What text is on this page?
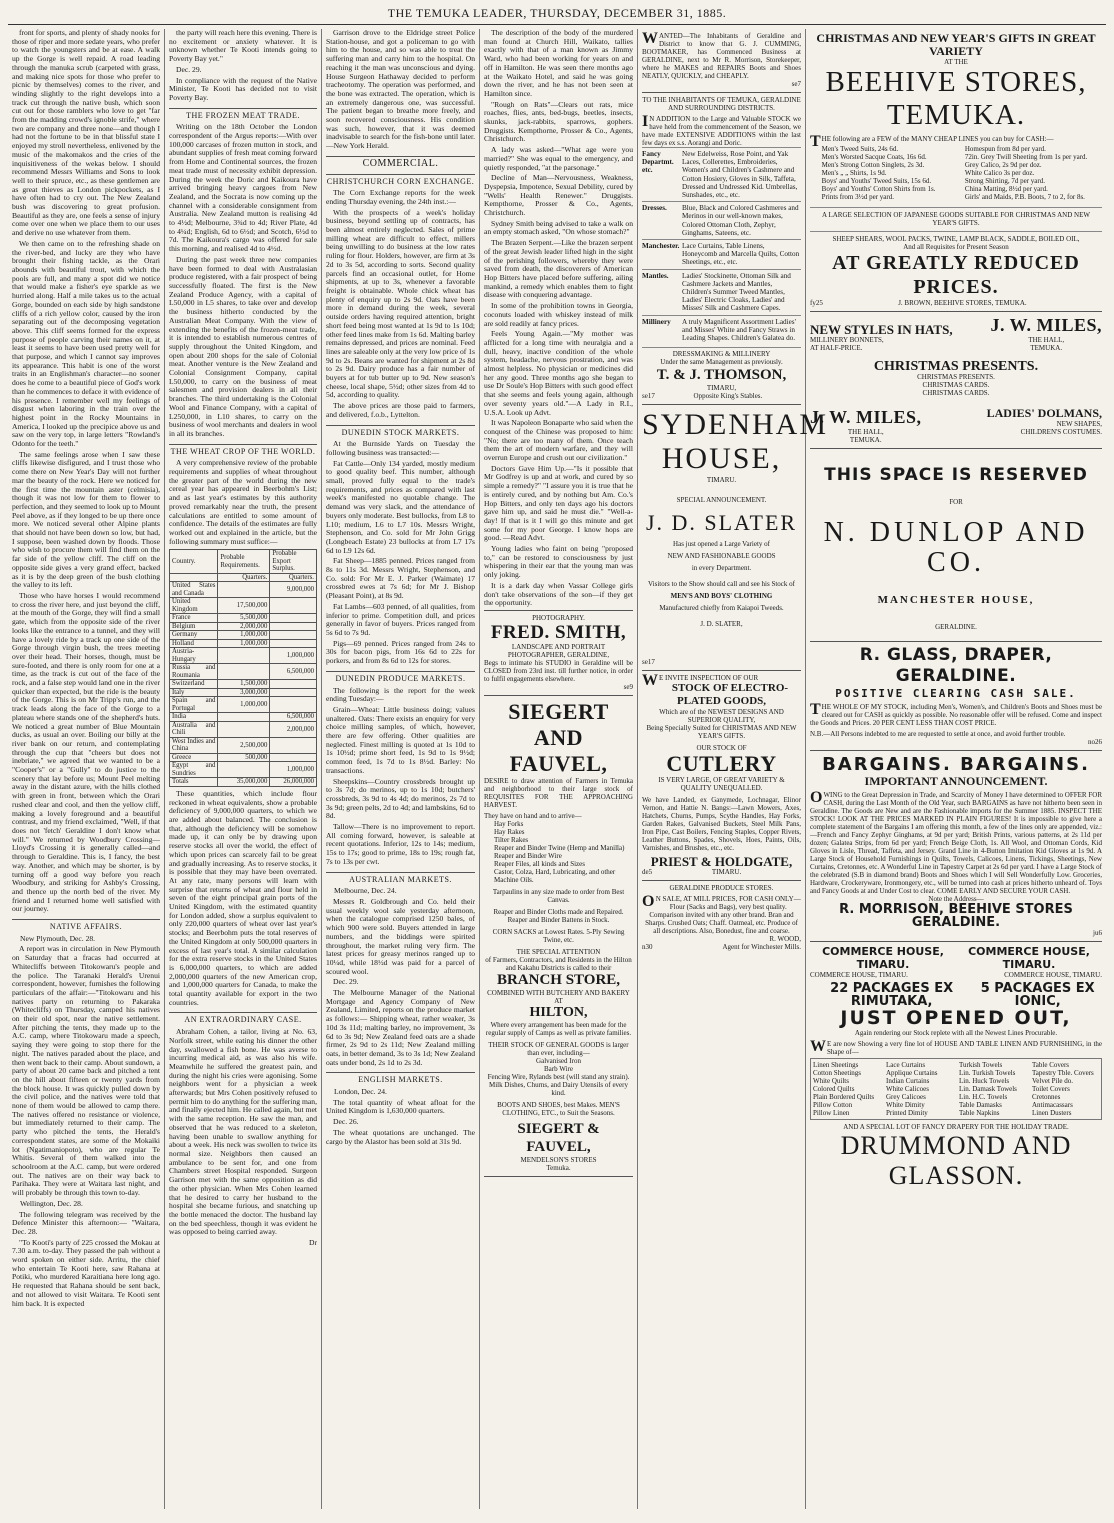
THE TEMUKA LEADER, THURSDAY, DECEMBER 31, 1885.

front for sports, and plenty of shady nooks for those of riper and more sedate years, who prefer to watch the youngsters and be at ease. A walk up the Gorge is well repaid. A road leading through the manuka scrub (carpeted with grass, and making nice spots for those who prefer to picnic by themselves) comes to the river, and winding slightly to the right develops into a track cut through the native bush, which soon cut out for those ramblers who love to get "far from the madding crowd's ignoble strife," where two are company and three none—and though I had not the fortune to be in that blissful state I enjoyed my stroll nevertheless, enlivened by the music of the makomakos and the cries of the inquisitiveness of the wekas below. I should recommend Messrs Williams and Sons to look well to their spruce, etc., as these gentlemen are as great thieves as London pickpockets, as I have often had to cry out. The New Zealand bush was discovering to great profusion. Beautiful as they are, one feels a sense of injury come over one when we place them to our uses and derive no use whatever from them.

We then came on to the refreshing shade on the river-bed, and lucky are they who have brought their fishing tackle, as the Orari abounds with beautiful trout, with which the pools are full, and many a spot did we notice that would make a fisher's eye sparkle as we hurried along. Half a mile takes us to the actual Gorge, bounded on each side by high sandstone cliffs of a rich yellow color, caused by the iron separating out of the decomposing vegetation above. This cliff seems formed for the express purpose of people carving their names on it, at least it seems to have been used pretty well for that purpose, and which I cannot say improves its appearance. This habit is one of the worst traits in an Englishman's character—no sooner does he come to a beautiful piece of God's work than he commences to deface it with evidence of his presence. I remember well my feelings of disgust when laboring in the train over the highest point in the Rocky Mountains in America, I looked up the precipice above us and saw on the very top, in large letters "Rowland's Odonto for the teeth."

The same feelings arose when I saw these cliffs likewise disfigured, and I trust those who come there on New Year's Day will not further mar the beauty of the rock. Here we noticed for the first time the mountain aster (celmisia), though it was not low for them to flower to perfection, and they seemed to look up to Mount Peel above, as if they longed to be up there once more. We noticed several other Alpine plants that should not have been down so low, but had, I suppose, been washed down by floods. Those who wish to procure them will find them on the far side of the yellow cliff. The cliff on the opposite side gives a very grand effect, backed as it is by the deep green of the bush clothing the valley to its left.

Those who have horses I would recommend to cross the river here, and just beyond the cliff, at the mouth of the Gorge, they will find a small gate, which from the opposite side of the river looks like the entrance to a tunnel, and they will have a lovely ride by a track up one side of the Gorge through virgin bush, the trees meeting over their head. Their horses, though, must be sure-footed, and there is only room for one at a time, as the track is cut out of the face of the rock, and a false step would land one in the river quicker than expected, but the ride is the beauty of the Gorge. This is on Mr Tripp's run, and the track leads along the face of the Gorge to a plateau where stands one of the shepherd's huts. We noticed a great number of Blue Mountain ducks, as usual an over. Boiling our billy at the river bank on our return, and contemplating through the cup that "cheers but does not inebriate," we agreed that we wanted to be a "Cooper's" or a "Gully" to do justice to the scenery that lay before us; Mount Peel melting away in the distant azure, with the hills clothed with green in front, between which the Orari rushed clear and cool, and then the yellow cliff, making a lovely foreground and a beautiful contrast, and my friend exclaimed, "Well, if that does not 'fetch' Geraldine I don't know what will." We returned by Woodbury Crossing—Lloyd's Crossing it is generally called—and through to Geraldine. This is, I fancy, the best way. Another, and which may be shorter, is by turning off a good way before you reach Woodbury, and striking for Ashby's Crossing, and thence up the north bed of the river. My friend and I returned home well satisfied with our journey.

NATIVE AFFAIRS.

New Plymouth, Dec. 28.

A report was in circulation in New Plymouth on Saturday that a fracas had occurred at Whitecliffs between Titokowaru's people and the police. The Taranaki Herald's Urenui correspondent, however, furnishes the following particulars of the affair:—"Titokowaru and his natives party on returning to Pakaraka (Whitecliffs) on Thursday, camped his natives on their old spot, near the native settlement. After pitching the tents, they made up to the A.C. camp, where Titokowaru made a speech, saying they were going to stop there for the night. The natives paraded about the place, and then went back to their camp. About sundown, a party of about 20 came back and pitched a tent on the hill about fifteen or twenty yards from the block house. It was quickly pulled down by the civil police, and the natives were told that none of them would be allowed to camp there. The natives offered no resistance or violence, but immediately returned to their camp. The party who pitched the tents, the Herald's correspondent states, are some of the Mokaiki lot (Ngatimaniopoto), who are regular Te Whitis. Several of them walked into the schoolroom at the A.C. camp, but were ordered out. The natives are on their way back to Parihaka. They were at Waitara last night, and will probably be through this town to-day.

Wellington, Dec. 28.

The following telegram was received by the Defence Minister this afternoon:— "Waitara, Dec. 28.

"To Kooti's party of 225 crossed the Mokau at 7.30 a.m. to-day. They passed the pah without a word spoken on either side. Arritu, the chief who entertain Te Kooti here, saw Rahana at Potiki, who murdered Karaitiana here long ago. He requested that Rahana should be sent back, and not allowed to visit Waitara. Te Kooti sent him back. It is expected

the party will reach here this evening. There is no excitement or anxiety whatever. It is unknown whether Te Kooti intends going to Poverty Bay yet."

Dec. 29.

In compliance with the request of the Native Minister, Te Kooti has decided not to visit Poverty Bay.

THE FROZEN MEAT TRADE.

Writing on the 18th October the London correspondent of the Argus reports:—With over 100,000 carcases of frozen mutton in stock, and abundant supplies of fresh meat coming forward from Home and Continental sources, the frozen meat trade must of necessity exhibit depression. During the week the Doric and Kaikoura have arrived bringing heavy cargoes from New Zealand, and the Socrata is now coming up the channel with a considerable consignment from Australia. New Zealand mutton is realising 4d to 4½d; Melbourne, 3¾d to 4d; River Plate, 4d to 4¼d; English, 6d to 6½d; and Scotch, 6½d to 7d. The Kaikoura's cargo was offered for sale this morning, and realised 4d to 4½d.

During the past week three new companies have been formed to deal with Australasian produce registered, with a fair prospect of being successfully floated. The first is the New Zealand Produce Agency, with a capital of L50,000 in L5 shares, to take over and develop the business hitherto conducted by the Australian Meat Company. With the view of extending the benefits of the frozen-meat trade, it is intended to establish numerous centres of supply throughout the United Kingdom, and open about 200 shops for the sale of Colonial meat. Another venture is the New Zealand and Colonial Consignment Company, capital L50,000, to carry on the business of meat salesmen and provision dealers in all their branches. The third undertaking is the Colonial Wool and Finance Company, with a capital of L250,000, in L10 shares, to carry on the business of wool merchants and dealers in wool in all its branches.

THE WHEAT CROP OF THE WORLD.

A very comprehensive review of the probable requirements and supplies of wheat throughout the greater part of the world during the new cereal year has appeared in Beerbohm's List; and as last year's estimates by this authority proved remarkably near the truth, the present calculations are entitled to some amount of confidence. The details of the estimates are fully worked out and explained in the article, but the following summary must suffice:—

Country.	Probable Requirements.	Probable Export Surplus.
	Quarters.	Quarters.
United States and Canada		9,000,000
United Kingdom	17,500,000	
France	5,500,000	
Belgium	2,000,000	
Germany	1,000,000	
Holland	1,000,000	
Austria-Hungary		1,000,000
Russia and Roumania		6,500,000
Switzerland	1,500,000	
Italy	3,000,000	
Spain and Portugal	1,000,000	
India		6,500,000
Australia and Chili		2,000,000
West Indies and China	2,500,000	
Greece	500,000	
Egypt and Sundries		1,000,000
Totals	35,000,000	26,000,000

These quantities, which include flour reckoned in wheat equivalents, show a probable deficiency of 9,000,000 quarters, to which we are added about balanced. The conclusion is that, although the deficiency will be somehow made up, it can only be by drawing upon reserve stocks all over the world, the effect of which upon prices can scarcely fail to be great and gradually increasing. As to reserve stocks, it is possible that they may have been overrated. At any rate, many persons will learn with surprise that returns of wheat and flour held in seven of the eight principal grain ports of the United Kingdom, with the estimated quantity for London added, show a surplus equivalent to only 220,000 quarters of wheat over last year's stocks; and Beerbohm puts the total reserves of the United Kingdom at only 500,000 quarters in excess of last year's total. A similar calculation for the extra reserve stocks in the United States is 6,000,000 quarters, to which are added 2,000,000 quarters of the new American crop, and 1,000,000 quarters for Canada, to make the total quantity available for export in the two countries.

AN EXTRAORDINARY CASE.

Abraham Cohen, a tailor, living at No. 63, Norfolk street, while eating his dinner the other day, swallowed a fish bone. He was averse to incurring medical aid, as was also his wife. Meanwhile he suffered the greatest pain, and during the night his cries were agonising. Some neighbors went for a physician a week afterwards; but Mrs Cohen positively refused to permit him to do anything for the suffering man, and finally ejected him. He called again, but met with the same reception. He saw the man, and observed that he was reduced to a skeleton, having been unable to swallow anything for about a week. His neck was swollen to twice its normal size. Neighbors then caused an ambulance to be sent for, and one from Chambers street Hospital responded. Surgeon Garrison met with the same opposition as did the other physician. When Mrs Cohen learned that he desired to carry her husband to the hospital she became furious, and snatching up the bottle menaced the doctor. The husband lay on the bed speechless, though it was evident he was opposed to being carried away.

Dr

Garrison drove to the Eldridge street Police Station-house, and got a policeman to go with him to the house, and so was able to treat the suffering man and carry him to the hospital. On reaching it the man was unconscious and dying. House Surgeon Hathaway decided to perform tracheotomy. The operation was performed, and the bone was extracted. The operation, which is an extremely dangerous one, was successful. The patient began to breathe more freely, and soon recovered consciousness. His condition was such, however, that it was deemed inadvisable to search for the fish-bone until later.—New York Herald.

COMMERCIAL.
CHRISTCHURCH CORN EXCHANGE.

The Corn Exchange reports for the week ending Thursday evening, the 24th inst.:—

With the prospects of a week's holiday business, beyond settling up of contracts, has been almost entirely neglected. Sales of prime milling wheat are difficult to effect, millers being unwilling to do business at the low rates ruling for flour. Holders, however, are firm at 3s 2d to 3s 5d, according to sorts. Second quality parcels find an occasional outlet, for Home shipments, at up to 3s, whenever a favorable freight is obtainable. Whole chick wheat has plenty of enquiry up to 2s 9d. Oats have been more in demand during the week, several outside orders having required attention, bright short feed being most wanted at 1s 9d to 1s 10d; other feed lines make from 1s 6d. Malting barley remains depressed, and prices are nominal. Feed lines are saleable only at the very low price of 1s 9d to 2s. Beans are wanted for shipment at 2s 8d to 2s 9d. Dairy produce has a fair number of buyers at for tub butter up to 9d. New season's cheese, local shape, 5½d; other sizes from 4d to 5d, according to quality.

The above prices are those paid to farmers, and delivered, f.o.b., Lyttelton.

DUNEDIN STOCK MARKETS.

At the Burnside Yards on Tuesday the following business was transacted:—

Fat Cattle—Only 134 yarded, mostly medium to good quality beef. This number, although small, proved fully equal to the trade's requirements, and prices as compared with last week's manifested no quotable change. The demand was very slack, and the attendance of buyers only moderate. Best bullocks, from L8 to L10; medium, L6 to L7 10s. Messrs Wright, Stephenson, and Co. sold for Mr John Grigg (Longbeach Estate) 23 bullocks at from L7 17s 6d to L9 12s 6d.

Fat Sheep—1885 penned. Prices ranged from 8s to 11s 3d. Messrs Wright, Stephenson, and Co. sold: For Mr E. J. Parker (Waimate) 17 crossbred ewes at 7s 6d; for Mr J. Bishop (Pleasant Point), at 8s 9d.

Fat Lambs—603 penned, of all qualities, from inferior to prime. Competition dull, and prices generally in favor of buyers. Prices ranged from 5s 6d to 7s 9d.

Pigs—69 penned. Prices ranged from 24s to 30s for bacon pigs, from 16s 6d to 22s for porkers, and from 8s 6d to 12s for stores.

DUNEDIN PRODUCE MARKETS.

The following is the report for the week ending Tuesday:—

Grain—Wheat: Little business doing; values unaltered. Oats: There exists an enquiry for very choice milling samples, of which, however, there are few offering. Other qualities are neglected. Finest milling is quoted at 1s 10d to 1s 10½d; prime short feed, 1s 9d to 1s 9½d; common feed, 1s 7d to 1s 8½d. Barley: No transactions.

Sheepskins—Country crossbreds brought up to 3s 7d; do merinos, up to 1s 10d; butchers' crossbreds, 3s 9d to 4s 4d; do merinos, 2s 7d to 3s 9d; green pelts, 2d to 4d; and lambskins, 6d to 8d.

Tallow—There is no improvement to report. All coming forward, however, is saleable at recent quotations. Inferior, 12s to 14s; medium, 15s to 17s; good to prime, 18s to 19s; rough fat, 7s to 13s per cwt.

AUSTRALIAN MARKETS.

Melbourne, Dec. 24.

Messrs R. Goldbrough and Co. held their usual weekly wool sale yesterday afternoon, when the catalogue comprised 1250 bales, of which 900 were sold. Buyers attended in large numbers, and the biddings were spirited throughout, the market ruling very firm. The latest prices for greasy merinos ranged up to 10¼d, while 18½d was paid for a parcel of scoured wool.

Dec. 29.

The Melbourne Manager of the National Mortgage and Agency Company of New Zealand, Limited, reports on the produce market as follows:— Shipping wheat, rather weaker, 3s 10d 3s 11d; malting barley, no improvement, 3s 6d to 3s 9d; New Zealand feed oats are a shade firmer, 2s 9d to 2s 11d; New Zealand milling oats, in better demand, 3s to 3s 1d; New Zealand oats under bond, 2s 1d to 2s 3d.

ENGLISH MARKETS.

London, Dec. 24.

The total quantity of wheat afloat for the United Kingdom is 1,630,000 quarters.

Dec. 26.

The wheat quotations are unchanged. The cargo by the Alastor has been sold at 31s 9d.

The description of the body of the murdered man found at Church Hill, Waikato, tallies exactly with that of a man known as Jimmy Ward, who had been working for years on and off in Hamilton. He was seen there months ago at the Waikato Hotel, and said he was going down the river, and he has not been seen at Hamilton since.

"Rough on Rats"—Clears out rats, mice roaches, flies, ants, bed-bugs, beetles, insects, skunks, jack-rabbits, sparrows, gophers. Druggists. Kempthorne, Prosser & Co., Agents, Christchurch.

A lady was asked—"What age were you married?" She was equal to the emergency, and quietly responded, "at the parsonage."

Decline of Man—Nervousness, Weakness, Dyspepsia, Impotence, Sexual Debility, cured by "Wells' Health Renewer." Druggists. Kempthorne, Prosser & Co., Agents, Christchurch.

Sydney Smith being advised to take a walk on an empty stomach asked, "On whose stomach?"

The Brazen Serpent.—Like the brazen serpent of the great Jewish leader lifted high in the sight of the perishing followers, whereby they were saved from death, the discoverers of American Hop Bitters have placed before suffering, ailing mankind, a remedy which enables them to fight disease with conquering advantage.

In some of the prohibition towns in Georgia, coconuts loaded with whiskey instead of milk are sold readily at fancy prices.

Feels Young Again.—"My mother was afflicted for a long time with neuralgia and a dull, heavy, inactive condition of the whole system, headache, nervous prostration, and was almost helpless. No physician or medicines did her any good. Three months ago she began to use Dr Soule's Hop Bitters with such good effect that she seems and feels young again, although over seventy years old."—A Lady in R.I., U.S.A. Look up Advt.

It was Napoleon Bonaparte who said when the conquest of the Chinese was proposed to him: "No; there are too many of them. Once teach them the art of modern warfare, and they will overrun Europe and crush out our civilization."

Doctors Gave Him Up.—"Is it possible that Mr Godfrey is up and at work, and cured by so simple a remedy?" "I assure you it is true that he is entirely cured, and by nothing but Am. Co.'s Hop Bitters, and only ten days ago his doctors gave him up, and said he must die." "Well-a-day! If that is it I will go this minute and get some for my poor George. I know hops are good. —Read Advt.

Young ladies who faint on being "proposed to," can be restored to consciousness by just whispering in their ear that the young man was only joking.

It is a dark day when Vassar College girls don't take observations of the son—if they get the opportunity.

PHOTOGRAPHY.
FRED. SMITH,
LANDSCAPE AND PORTRAIT PHOTOGRAPHER, GERALDINE,
Begs to intimate his STUDIO in Geraldine will be CLOSED from 23rd inst. till further notice, in order to fulfil engagements elsewhere.
se9
SIEGERT AND FAUVEL,
DESIRE to draw attention of Farmers in Temuka and neighborhood to their large stock of REQUISITES FOR THE APPROACHING HARVEST.
They have on hand and to arrive—
Hay Forks
Hay Rakes
Tilter Rakes
Reaper and Binder Twine (Hemp and Manilla)
Reaper and Binder Wire
Reaper Files, all kinds and Sizes
Castor, Colza, Hard, Lubricating, and other Machine Oils.
Tarpaulins in any size made to order from Best Canvas.
Reaper and Binder Cloths made and Repaired.
Reaper and Binder Battens in Stock.
CORN SACKS at Lowest Rates. 5-Ply Sewing Twine, etc.
THE SPECIAL ATTENTION
of Farmers, Contractors, and Residents in the Hilton and Kakahu Districts is called to their
BRANCH STORE,
COMBINED WITH BUTCHERY AND BAKERY AT
HILTON,
Where every arrangement has been made for the regular supply of Camps as well as private families.
THEIR STOCK OF GENERAL GOODS is larger than ever, including—
Galvanised Iron
Barb Wire
Fencing Wire, Rylands best (will stand any strain).
Milk Dishes, Churns, and Dairy Utensils of every kind.
BOOTS AND SHOES, best Makes. MEN'S CLOTHING, ETC., to Suit the Seasons.
SIEGERT & FAUVEL,
MENDELSON'S STORES
Temuka.
WANTED—The Inhabitants of Geraldine and District to know that G. J. CUMMING, BOOTMAKER, has Commenced Business at GERALDINE, next to Mr R. Morrison, Storekeeper, where he MAKES and REPAIRS Boots and Shoes NEATLY, QUICKLY, and CHEAPLY.
se7
TO THE INHABITANTS OF TEMUKA, GERALDINE AND SURROUNDING DISTRICTS.
IN ADDITION to the Large and Valuable STOCK we have held from the commencement of the Season, we have made EXTENSIVE ADDITIONS within the last few days ex s.s. Aorangi and Doric.
Fancy Departmt. etc.
New Edelweiss, Rose Point, and Yak Laces, Collerettes, Embroideries, Women's and Children's Cashmere and Cotton Hosiery, Gloves in Silk, Taffeta, Dressed and Undressed Kid. Umbrellas, Sunshades, etc., etc.
Dresses.	Blue, Black and Colored Cashmeres and Merinos in our well-known makes, Colored Ottoman Cloth, Zephyr, Ginghams, Sateens, etc.
Manchester. Lace Curtains, Table Linens, Honeycomb and Marcella Quilts, Cotton Sheetings, etc., etc.
Mantles.	Ladies' Stockinette, Ottoman Silk and Cashmere Jackets and Mantles, Children's Summer Tweed Mantles, Ladies' Electric Cloaks, Ladies' and Misses' Silk and Cashmere Capes.
Millinery	A truly Magnificent Assortment Ladies' and Misses' White and Fancy Straws in Leading Shapes. Children's Galatea do.
DRESSMAKING & MILLINERY
Under the same Management as previously.
T. & J. THOMSON,
TIMARU,
se17	Opposite King's Stables.
SYDENHAM
HOUSE,
TIMARU.
SPECIAL ANNOUNCEMENT.
J. D. SLATER
Has just opened a Large Variety of
NEW AND FASHIONABLE GOODS
in every Department.
Visitors to the Show should call and see his Stock of
MEN'S AND BOYS' CLOTHING
Manufactured chiefly from Kaiapoi Tweeds.
J. D. SLATER,
se17
WE INVITE INSPECTION OF OUR
STOCK OF ELECTRO-PLATED GOODS,
Which are of the NEWEST DESIGNS AND SUPERIOR QUALITY,
Being Specially Suited for CHRISTMAS AND NEW YEAR'S GIFTS.
OUR STOCK OF
CUTLERY
IS VERY LARGE, OF GREAT VARIETY & QUALITY UNEQUALLED.
We have Landed, ex Ganymede, Lochnagar, Elinor Vernon, and Hattie N. Bangs:—Lawn Mowers, Axes, Hatchets, Churns, Pumps, Scythe Handles, Hay Forks, Garden Rakes, Galvanised Buckets, Steel Milk Pans, Iron Pipe, Cast Boilers, Fencing Staples, Copper Rivets, Leather Buttons, Spades, Shovels, Hoes, Paints, Oils, Varnishes, and Brushes, etc., etc.
PRIEST & HOLDGATE,
de5	TIMARU.
GERALDINE PRODUCE STORES.
ON SALE, AT MILL PRICES, FOR CASH ONLY—
Flour (Sacks and Bags), very best quality. Comparison invited with any other brand. Bran and Sharps. Crushed Oats; Chaff. Oatmeal, etc. Produce of all descriptions. Also, Bonedust, fine and coarse.
R. WOOD,
n30	Agent for Winchester Mills.
CHRISTMAS AND NEW YEAR'S GIFTS IN GREAT VARIETY
AT THE
BEEHIVE STORES, TEMUKA.
THE following are a FEW of the MANY CHEAP LINES you can buy for CASH:—
Men's Tweed Suits, 24s 6d.
Men's Worsted Sacque Coats, 16s 6d.
Men's Strong Cotton Singlets, 2s 3d.
Men's „ „ Shirts, 1s 9d.
Boys' and Youths' Tweed Suits, 15s 6d.
Boys' and Youths' Cotton Shirts from 1s.
Prints from 3½d per yard.
Homespun from 8d per yard.
72in. Grey Twill Sheeting from 1s per yard.
Grey Calico, 2s 9d per doz.
White Calico 3s per doz.
Strong Shirting, 7d per yard.
China Matting, 8½d per yard.
Girls' and Maids, P.B. Boots, 7 to 2, for 8s.
A LARGE SELECTION OF JAPANESE GOODS SUITABLE FOR CHRISTMAS AND NEW YEAR'S GIFTS.
SHEEP SHEARS, WOOL PACKS, TWINE, LAMP BLACK, SADDLE, BOILED OIL,
And all Requisites for Present Season
AT GREATLY REDUCED PRICES.
fy25	J. BROWN, BEEHIVE STORES, TEMUKA.
NEW STYLES IN HATS,
MILLINERY BONNETS,
AT HALF-PRICE.
J. W. MILES,
THE HALL,
TEMUKA.
CHRISTMAS PRESENTS.
CHRISTMAS PRESENTS.
CHRISTMAS CARDS.
CHRISTMAS CARDS.
J. W. MILES,
THE HALL,
TEMUKA.
LADIES' DOLMANS,
NEW SHAPES,
CHILDREN'S COSTUMES.
THIS SPACE IS RESERVED
FOR
N. DUNLOP AND CO.
MANCHESTER HOUSE,
GERALDINE.
R. GLASS, DRAPER, GERALDINE.
POSITIVE CLEARING CASH SALE.
THE WHOLE OF MY STOCK, including Men's, Women's, and Children's Boots and Shoes must be cleared out for CASH as quickly as possible. No reasonable offer will be refused. Come and inspect the Goods and Prices. 20 PER CENT LESS THAN COST PRICE.
N.B.—All Persons indebted to me are requested to settle at once, and avoid further trouble.
no26
BARGAINS. BARGAINS.
IMPORTANT ANNOUNCEMENT.
OWING to the Great Depression in Trade, and Scarcity of Money I have determined to OFFER FOR CASH, during the Last Month of the Old Year, such BARGAINS as have not hitherto been seen in Geraldine. The Goods are New and are the Fashionable imports for the Summer 1885. INSPECT THE STOCK! LOOK AT THE PRICES MARKED IN PLAIN FIGURES! It is impossible to give here a complete statement of the Bargains I am offering this month, a few of the lines only are appended, viz.:—French and Fancy Zephyr Ginghams, at 9d per yard; British Prints, various patterns, at 2s 11d per dozen; Galatea Strips, from 6d per yard; French Beige Cloth, 1s. All Wool, and Ottoman Cords, Kid Gloves in Lisle, Thread, Taffeta, and Jersey. Grand Line in 4-Button Imitation Kid Gloves at 1s 9d. A Large Stock of Household Furnishings in Quilts, Towels, Calicoes, Linens, Tickings, Sheetings, New Curtains, Cretonnes, etc. A Wonderful Line in Tapestry Carpet at 2s 6d per yard. I have a Large Stock of the celebrated (S.B in diamond brand) Boots and Shoes which I will Sell Wonderfully Low. Groceries, Hardware, Crockeryware, Ironmongery, etc., will be turned into cash at prices hitherto unheard of. Toys and Fancy Goods at and Under Cost to clear. COME EARLY AND SECURE YOUR CASH.
Note the Address—
R. MORRISON, BEEHIVE STORES GERALDINE.
ju6
COMMERCE HOUSE, TIMARU.
COMMERCE HOUSE, TIMARU.
COMMERCE HOUSE, TIMARU.	COMMERCE HOUSE, TIMARU.
22 PACKAGES EX RIMUTAKA,
5 PACKAGES EX IONIC,
JUST OPENED OUT,
Again rendering our Stock replete with all the Newest Lines Procurable.
WE are now Showing a very fine lot of HOUSE AND TABLE LINEN AND FURNISHING, in the Shape of—
Linen Sheetings
Cotton Sheetings
White Quilts
Colored Quilts
Plain Bordered Quilts
Pillow Cotton
Pillow Linen
Lace Curtains
Applique Curtains
Indian Curtains
White Calicoes
Grey Calicoes
White Dimity
Printed Dimity
Turkish Towels
Lin. Turkish Towels
Lin. Huck Towels
Lin. Damask Towels
Lin. H.C. Towels
Table Damasks
Table Napkins
Table Covers
Tapestry Tble. Covers
Velvet Pile do.
Toilet Covers
Cretonnes
Antimacassars
Linen Dusters
AND A SPECIAL LOT OF FANCY DRAPERY FOR THE HOLIDAY TRADE.
DRUMMOND AND GLASSON.
